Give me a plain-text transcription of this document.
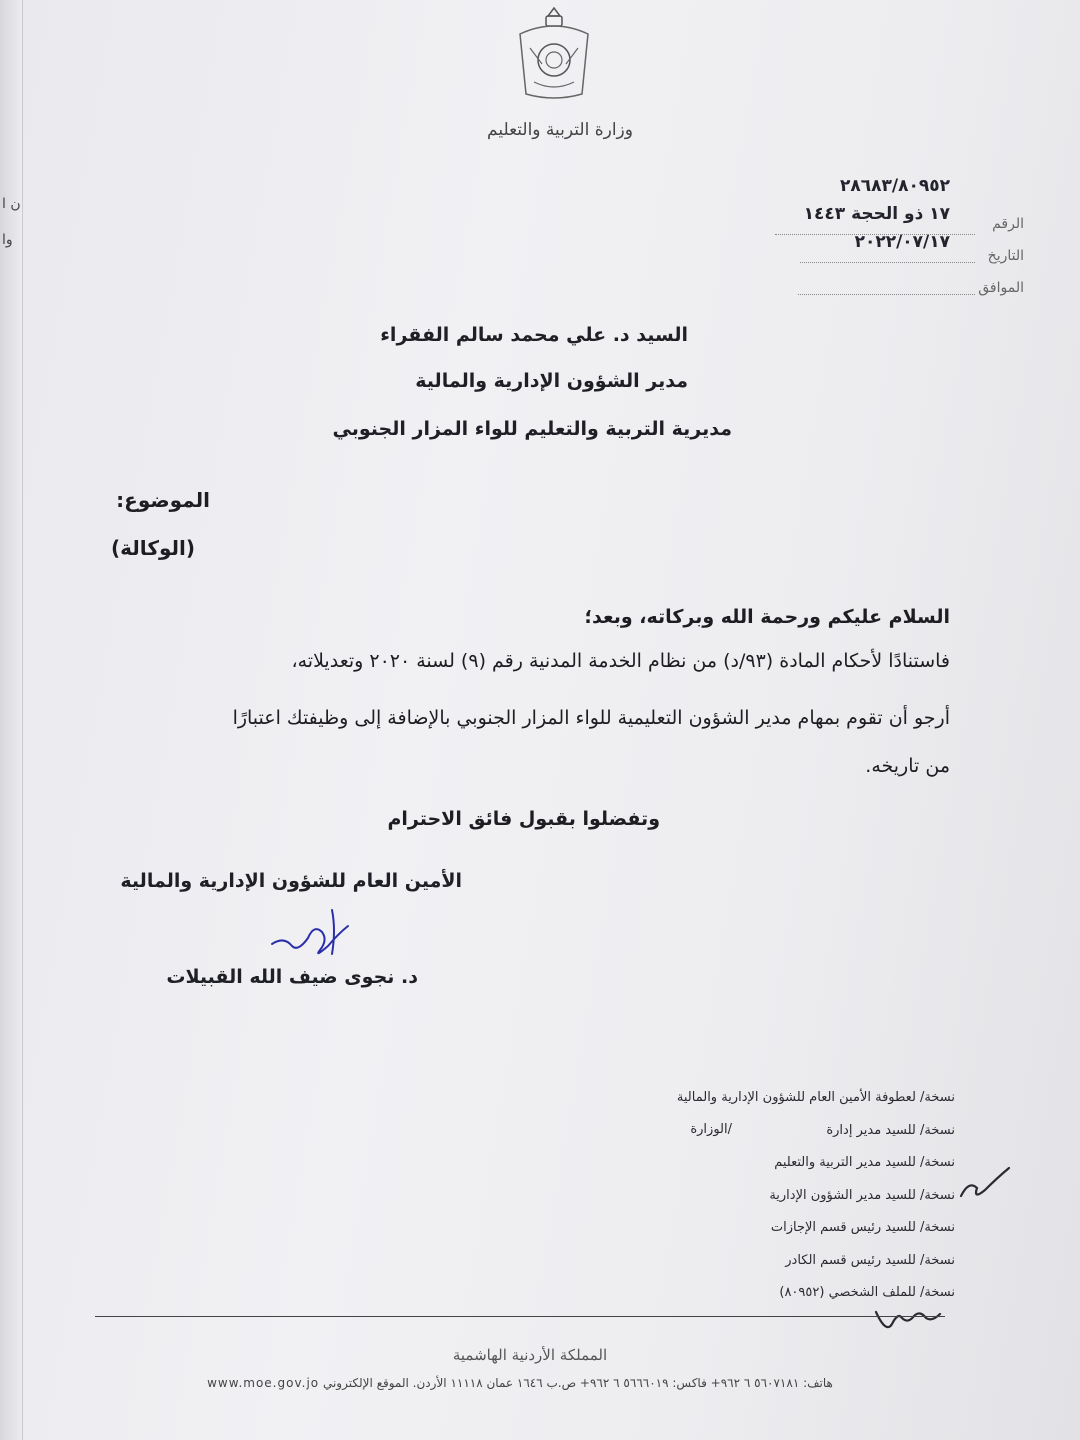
ن ا
وا
وزارة التربية والتعليم
٢٨٦٨٣/٨٠٩٥٢
١٧ ذو الحجة ١٤٤٣
٢٠٢٢/٠٧/١٧
الرقم
التاريخ
الموافق
السيد د. علي محمد سالم الفقراء
مدير الشؤون الإدارية والمالية
مديرية التربية والتعليم للواء المزار الجنوبي
الموضوع:
(الوكالة)
السلام عليكم ورحمة الله وبركاته، وبعد؛
فاستنادًا لأحكام المادة (٩٣/د) من نظام الخدمة المدنية رقم (٩) لسنة ٢٠٢٠ وتعديلاته،
أرجو أن تقوم بمهام مدير الشؤون التعليمية للواء المزار الجنوبي بالإضافة إلى وظيفتك اعتبارًا
من تاريخه.
وتفضلوا بقبول فائق الاحترام
الأمين العام للشؤون الإدارية والمالية
د. نجوى ضيف الله القبيلات
نسخة/ لعطوفة الأمين العام للشؤون الإدارية والمالية
نسخة/ للسيد مدير إدارة
نسخة/ للسيد مدير التربية والتعليم
نسخة/ للسيد مدير الشؤون الإدارية
نسخة/ للسيد رئيس قسم الإجازات
نسخة/ للسيد رئيس قسم الكادر
نسخة/ للملف الشخصي (٨٠٩٥٢)
/الوزارة
المملكة الأردنية الهاشمية
هاتف: ٥٦٠٧١٨١ ٦ ٩٦٢+ فاكس: ٥٦٦٦٠١٩ ٦ ٩٦٢+ ص.ب ١٦٤٦ عمان ١١١١٨ الأردن. الموقع الإلكتروني www.moe.gov.jo
